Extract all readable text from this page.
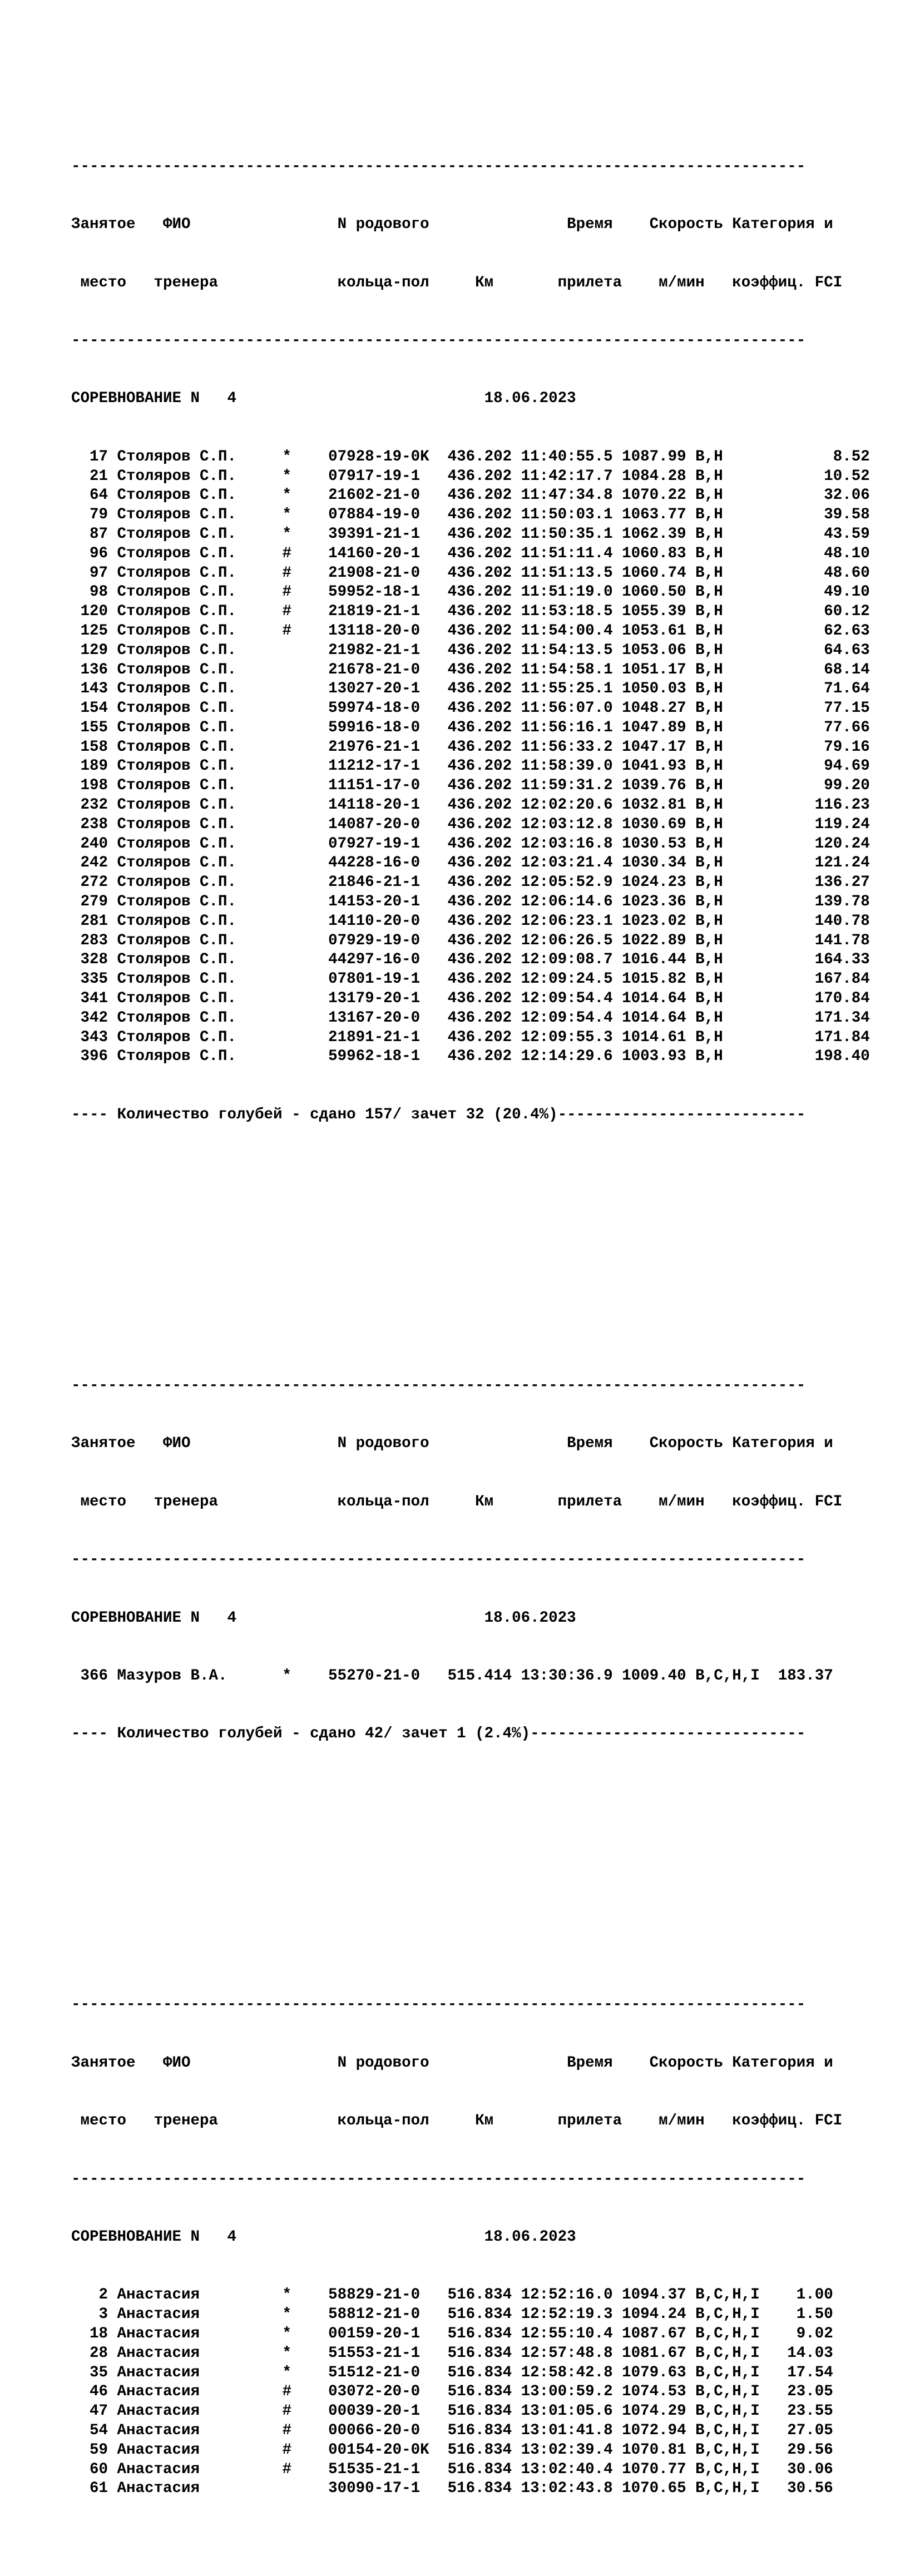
--------------------------------------------------------------------------------

Занятое   ФИО                N родового               Время    Скорость Категория и

место   тренера             кольца-пол     Км       прилета    м/мин   коэффиц. FCI

--------------------------------------------------------------------------------

СОРЕВНОВАНИЕ N   4                           18.06.2023

17 Столяров С.П.     *    07928-19-0K  436.202 11:40:55.5 1087.99 В,Н            8.52
21 Столяров С.П.     *    07917-19-1   436.202 11:42:17.7 1084.28 В,Н           10.52
64 Столяров С.П.     *    21602-21-0   436.202 11:47:34.8 1070.22 В,Н           32.06
79 Столяров С.П.     *    07884-19-0   436.202 11:50:03.1 1063.77 В,Н           39.58
87 Столяров С.П.     *    39391-21-1   436.202 11:50:35.1 1062.39 В,Н           43.59
96 Столяров С.П.     #    14160-20-1   436.202 11:51:11.4 1060.83 В,Н           48.10
97 Столяров С.П.     #    21908-21-0   436.202 11:51:13.5 1060.74 В,Н           48.60
98 Столяров С.П.     #    59952-18-1   436.202 11:51:19.0 1060.50 В,Н           49.10
120 Столяров С.П.     #    21819-21-1   436.202 11:53:18.5 1055.39 В,Н           60.12
125 Столяров С.П.     #    13118-20-0   436.202 11:54:00.4 1053.61 В,Н           62.63
129 Столяров С.П.          21982-21-1   436.202 11:54:13.5 1053.06 В,Н           64.63
136 Столяров С.П.          21678-21-0   436.202 11:54:58.1 1051.17 В,Н           68.14
143 Столяров С.П.          13027-20-1   436.202 11:55:25.1 1050.03 В,Н           71.64
154 Столяров С.П.          59974-18-0   436.202 11:56:07.0 1048.27 В,Н           77.15
155 Столяров С.П.          59916-18-0   436.202 11:56:16.1 1047.89 В,Н           77.66
158 Столяров С.П.          21976-21-1   436.202 11:56:33.2 1047.17 В,Н           79.16
189 Столяров С.П.          11212-17-1   436.202 11:58:39.0 1041.93 В,Н           94.69
198 Столяров С.П.          11151-17-0   436.202 11:59:31.2 1039.76 В,Н           99.20
232 Столяров С.П.          14118-20-1   436.202 12:02:20.6 1032.81 В,Н          116.23
238 Столяров С.П.          14087-20-0   436.202 12:03:12.8 1030.69 В,Н          119.24
240 Столяров С.П.          07927-19-1   436.202 12:03:16.8 1030.53 В,Н          120.24
242 Столяров С.П.          44228-16-0   436.202 12:03:21.4 1030.34 В,Н          121.24
272 Столяров С.П.          21846-21-1   436.202 12:05:52.9 1024.23 В,Н          136.27
279 Столяров С.П.          14153-20-1   436.202 12:06:14.6 1023.36 В,Н          139.78
281 Столяров С.П.          14110-20-0   436.202 12:06:23.1 1023.02 В,Н          140.78
283 Столяров С.П.          07929-19-0   436.202 12:06:26.5 1022.89 В,Н          141.78
328 Столяров С.П.          44297-16-0   436.202 12:09:08.7 1016.44 В,Н          164.33
335 Столяров С.П.          07801-19-1   436.202 12:09:24.5 1015.82 В,Н          167.84
341 Столяров С.П.          13179-20-1   436.202 12:09:54.4 1014.64 В,Н          170.84
342 Столяров С.П.          13167-20-0   436.202 12:09:54.4 1014.64 В,Н          171.34
343 Столяров С.П.          21891-21-1   436.202 12:09:55.3 1014.61 В,Н          171.84
396 Столяров С.П.          59962-18-1   436.202 12:14:29.6 1003.93 В,Н          198.40

---- Количество голубей - сдано 157/ зачет 32 (20.4%)---------------------------

--------------------------------------------------------------------------------

Занятое   ФИО                N родового               Время    Скорость Категория и

место   тренера             кольца-пол     Км       прилета    м/мин   коэффиц. FCI

--------------------------------------------------------------------------------

СОРЕВНОВАНИЕ N   4                           18.06.2023

366 Мазуров В.А.      *    55270-21-0   515.414 13:30:36.9 1009.40 В,С,Н,I  183.37

---- Количество голубей - сдано 42/ зачет 1 (2.4%)------------------------------

--------------------------------------------------------------------------------

Занятое   ФИО                N родового               Время    Скорость Категория и

место   тренера             кольца-пол     Км       прилета    м/мин   коэффиц. FCI

--------------------------------------------------------------------------------

СОРЕВНОВАНИЕ N   4                           18.06.2023

2 Анастасия         *    58829-21-0   516.834 12:52:16.0 1094.37 В,С,Н,I    1.00
3 Анастасия         *    58812-21-0   516.834 12:52:19.3 1094.24 В,С,Н,I    1.50
18 Анастасия         *    00159-20-1   516.834 12:55:10.4 1087.67 В,С,Н,I    9.02
28 Анастасия         *    51553-21-1   516.834 12:57:48.8 1081.67 В,С,Н,I   14.03
35 Анастасия         *    51512-21-0   516.834 12:58:42.8 1079.63 В,С,Н,I   17.54
46 Анастасия         #    03072-20-0   516.834 13:00:59.2 1074.53 В,С,Н,I   23.05
47 Анастасия         #    00039-20-1   516.834 13:01:05.6 1074.29 В,С,Н,I   23.55
54 Анастасия         #    00066-20-0   516.834 13:01:41.8 1072.94 В,С,Н,I   27.05
59 Анастасия         #    00154-20-0K  516.834 13:02:39.4 1070.81 В,С,Н,I   29.56
60 Анастасия         #    51535-21-1   516.834 13:02:40.4 1070.77 В,С,Н,I   30.06
61 Анастасия              30090-17-1   516.834 13:02:43.8 1070.65 В,С,Н,I   30.56
